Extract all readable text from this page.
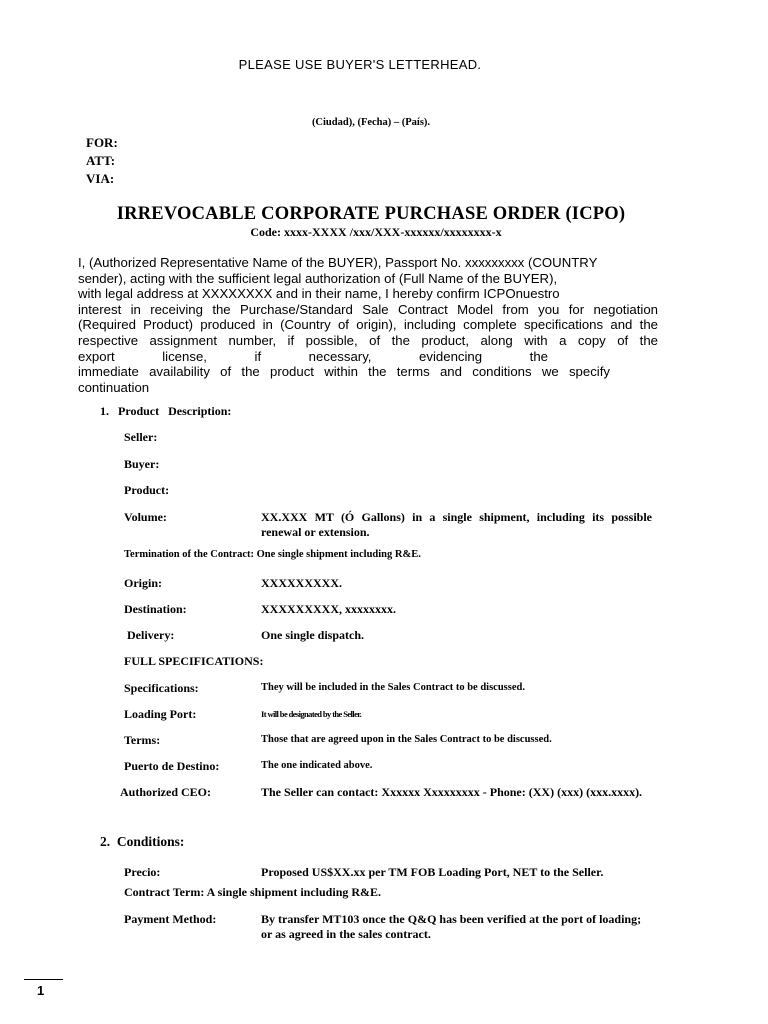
PLEASE USE BUYER'S LETTERHEAD.
(Ciudad), (Fecha) – (País).
FOR:
ATT:
VIA:
IRREVOCABLE CORPORATE PURCHASE ORDER (ICPO)
Code: xxxx-XXXX /xxx/XXX-xxxxxx/xxxxxxxx-x
I, (Authorized Representative Name of the BUYER), Passport No. xxxxxxxxx (COUNTRY
sender), acting with the sufficient legal authorization of (Full Name of the BUYER),
with legal address at XXXXXXXX and in their name, I hereby confirm ICPOnuestro
interest in receiving the Purchase/Standard Sale Contract Model from you for negotiation
(Required Product) produced in (Country of origin), including complete specifications and the
respective assignment number, if possible, of the product, along with a copy of the
export license, if necessary, evidencing the
immediate availability of the product within the terms and conditions we specify
continuation
1.   Product   Description:
Seller:
Buyer:
Product:
Volume:	XX.XXX MT (Ó Gallons) in a single shipment, including its possible renewal or extension.
Termination of the Contract: One single shipment including R&E.
Origin:	XXXXXXXXX.
Destination:	XXXXXXXXX, xxxxxxxx.
Delivery:	One single dispatch.
FULL SPECIFICATIONS:
Specifications:	They will be included in the Sales Contract to be discussed.
Loading Port:	It will be designated by the Seller.
Terms:	Those that are agreed upon in the Sales Contract to be discussed.
Puerto de Destino:	The one indicated above.
Authorized CEO:	The Seller can contact: Xxxxxx Xxxxxxxxx - Phone: (XX) (xxx) (xxx.xxxx).
2.  Conditions:
Precio:	Proposed US$XX.xx per TM FOB Loading Port, NET to the Seller.
Contract Term: A single shipment including R&E.
Payment Method:	By transfer MT103 once the Q&Q has been verified at the port of loading; or as agreed in the sales contract.
1
